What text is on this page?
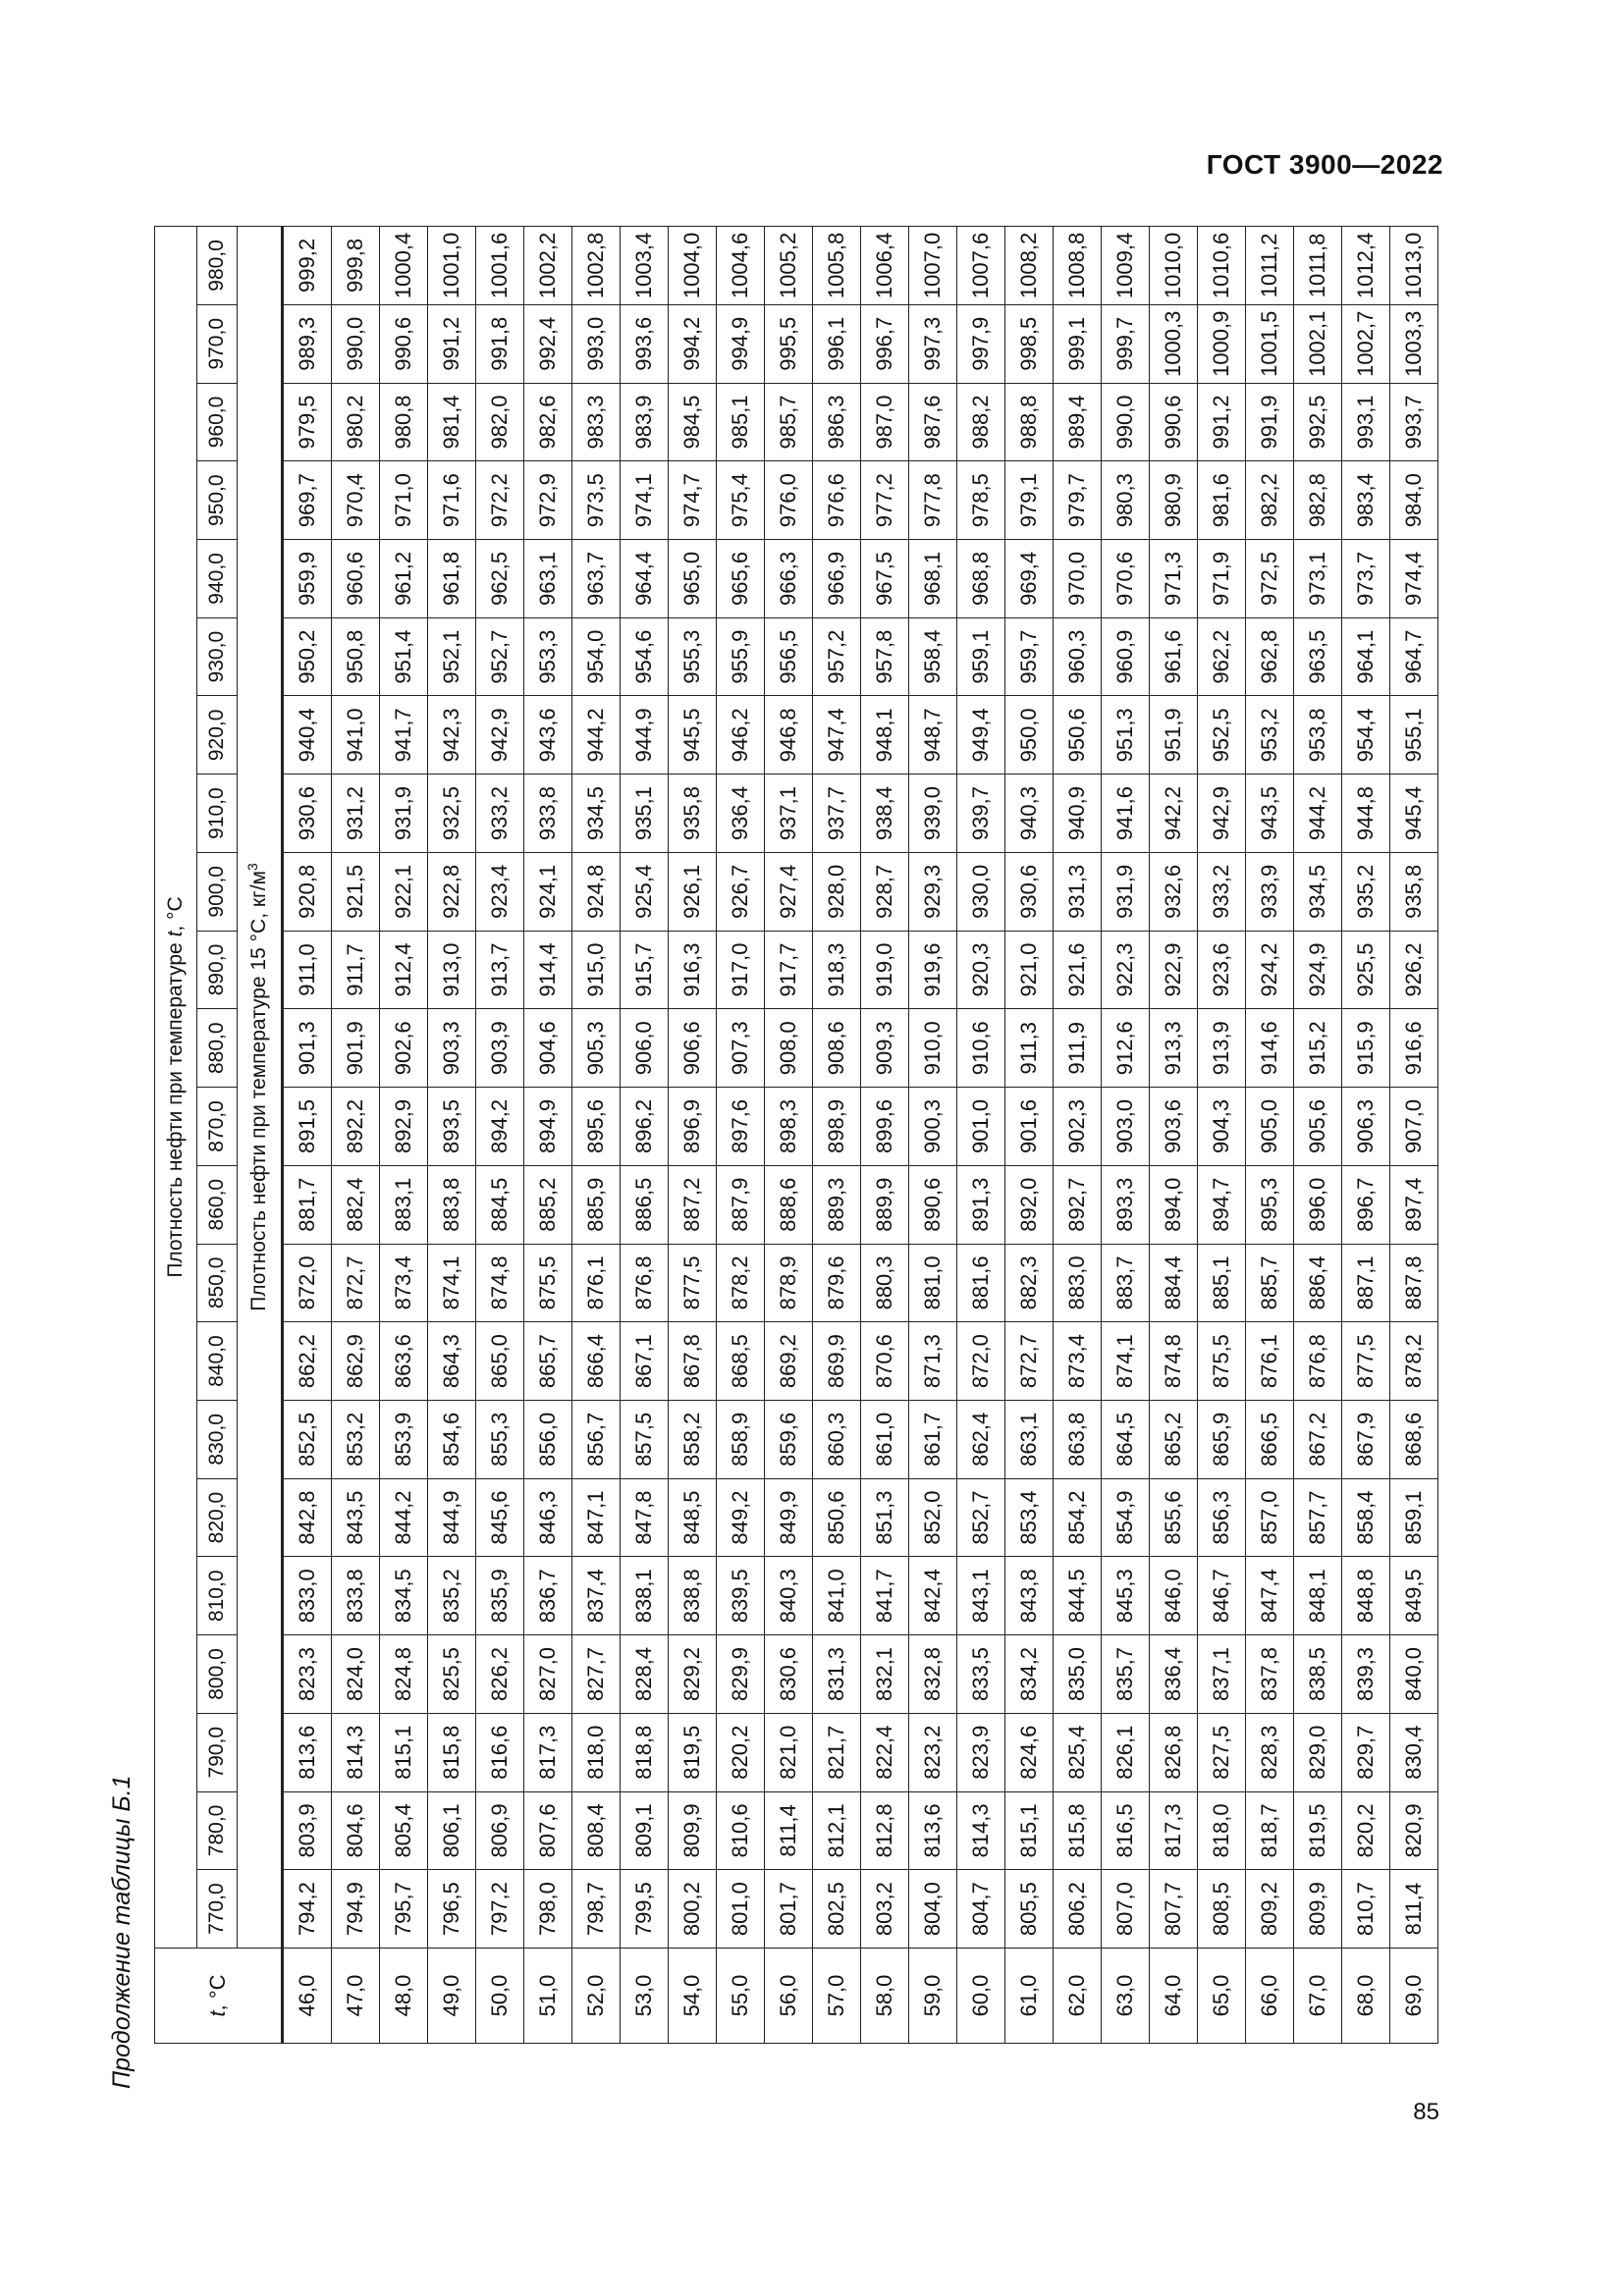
ГОСТ 3900—2022
Продолжение таблицы Б.1	t, °C	Плотность нефти при температуре t, °C																					
	770,0	780,0	790,0	800,0	810,0	820,0	830,0	840,0	850,0	860,0	870,0	880,0	890,0	900,0	910,0	920,0	930,0	940,0	950,0	960,0	970,0	980,0
	Плотность нефти при температуре 15 °C, $кг/м^3$
46,0	794,2	803,9	813,6	823,3	833,0	842,8	852,5	862,2	872,0	881,7	891,5	901,3	911,0	920,8	930,6	940,4	950,2	959,9	969,7	979,5	989,3	999,2
47,0	794,9	804,6	814,3	824,0	833,8	843,5	853,2	862,9	872,7	882,4	892,2	901,9	911,7	921,5	931,2	941,0	950,8	960,6	970,4	980,2	990,0	999,8
48,0	795,7	805,4	815,1	824,8	834,5	844,2	853,9	863,6	873,4	883,1	892,9	902,6	912,4	922,1	931,9	941,7	951,4	961,2	971,0	980,8	990,6	1000,4
49,0	796,5	806,1	815,8	825,5	835,2	844,9	854,6	864,3	874,1	883,8	893,5	903,3	913,0	922,8	932,5	942,3	952,1	961,8	971,6	981,4	991,2	1001,0
50,0	797,2	806,9	816,6	826,2	835,9	845,6	855,3	865,0	874,8	884,5	894,2	903,9	913,7	923,4	933,2	942,9	952,7	962,5	972,2	982,0	991,8	1001,6
51,0	798,0	807,6	817,3	827,0	836,7	846,3	856,0	865,7	875,5	885,2	894,9	904,6	914,4	924,1	933,8	943,6	953,3	963,1	972,9	982,6	992,4	1002,2
52,0	798,7	808,4	818,0	827,7	837,4	847,1	856,7	866,4	876,1	885,9	895,6	905,3	915,0	924,8	934,5	944,2	954,0	963,7	973,5	983,3	993,0	1002,8
53,0	799,5	809,1	818,8	828,4	838,1	847,8	857,5	867,1	876,8	886,5	896,2	906,0	915,7	925,4	935,1	944,9	954,6	964,4	974,1	983,9	993,6	1003,4
54,0	800,2	809,9	819,5	829,2	838,8	848,5	858,2	867,8	877,5	887,2	896,9	906,6	916,3	926,1	935,8	945,5	955,3	965,0	974,7	984,5	994,2	1004,0
55,0	801,0	810,6	820,2	829,9	839,5	849,2	858,9	868,5	878,2	887,9	897,6	907,3	917,0	926,7	936,4	946,2	955,9	965,6	975,4	985,1	994,9	1004,6
56,0	801,7	811,4	821,0	830,6	840,3	849,9	859,6	869,2	878,9	888,6	898,3	908,0	917,7	927,4	937,1	946,8	956,5	966,3	976,0	985,7	995,5	1005,2
57,0	802,5	812,1	821,7	831,3	841,0	850,6	860,3	869,9	879,6	889,3	898,9	908,6	918,3	928,0	937,7	947,4	957,2	966,9	976,6	986,3	996,1	1005,8
58,0	803,2	812,8	822,4	832,1	841,7	851,3	861,0	870,6	880,3	889,9	899,6	909,3	919,0	928,7	938,4	948,1	957,8	967,5	977,2	987,0	996,7	1006,4
59,0	804,0	813,6	823,2	832,8	842,4	852,0	861,7	871,3	881,0	890,6	900,3	910,0	919,6	929,3	939,0	948,7	958,4	968,1	977,8	987,6	997,3	1007,0
60,0	804,7	814,3	823,9	833,5	843,1	852,7	862,4	872,0	881,6	891,3	901,0	910,6	920,3	930,0	939,7	949,4	959,1	968,8	978,5	988,2	997,9	1007,6
61,0	805,5	815,1	824,6	834,2	843,8	853,4	863,1	872,7	882,3	892,0	901,6	911,3	921,0	930,6	940,3	950,0	959,7	969,4	979,1	988,8	998,5	1008,2
62,0	806,2	815,8	825,4	835,0	844,5	854,2	863,8	873,4	883,0	892,7	902,3	911,9	921,6	931,3	940,9	950,6	960,3	970,0	979,7	989,4	999,1	1008,8
63,0	807,0	816,5	826,1	835,7	845,3	854,9	864,5	874,1	883,7	893,3	903,0	912,6	922,3	931,9	941,6	951,3	960,9	970,6	980,3	990,0	999,7	1009,4
64,0	807,7	817,3	826,8	836,4	846,0	855,6	865,2	874,8	884,4	894,0	903,6	913,3	922,9	932,6	942,2	951,9	961,6	971,3	980,9	990,6	1000,3	1010,0
65,0	808,5	818,0	827,5	837,1	846,7	856,3	865,9	875,5	885,1	894,7	904,3	913,9	923,6	933,2	942,9	952,5	962,2	971,9	981,6	991,2	1000,9	1010,6
66,0	809,2	818,7	828,3	837,8	847,4	857,0	866,5	876,1	885,7	895,3	905,0	914,6	924,2	933,9	943,5	953,2	962,8	972,5	982,2	991,9	1001,5	1011,2
67,0	809,9	819,5	829,0	838,5	848,1	857,7	867,2	876,8	886,4	896,0	905,6	915,2	924,9	934,5	944,2	953,8	963,5	973,1	982,8	992,5	1002,1	1011,8
68,0	810,7	820,2	829,7	839,3	848,8	858,4	867,9	877,5	887,1	896,7	906,3	915,9	925,5	935,2	944,8	954,4	964,1	973,7	983,4	993,1	1002,7	1012,4
69,0	811,4	820,9	830,4	840,0	849,5	859,1	868,6	878,2	887,8	897,4	907,0	916,6	926,2	935,8	945,4	955,1	964,7	974,4	984,0	993,7	1003,3	1013,0
85
